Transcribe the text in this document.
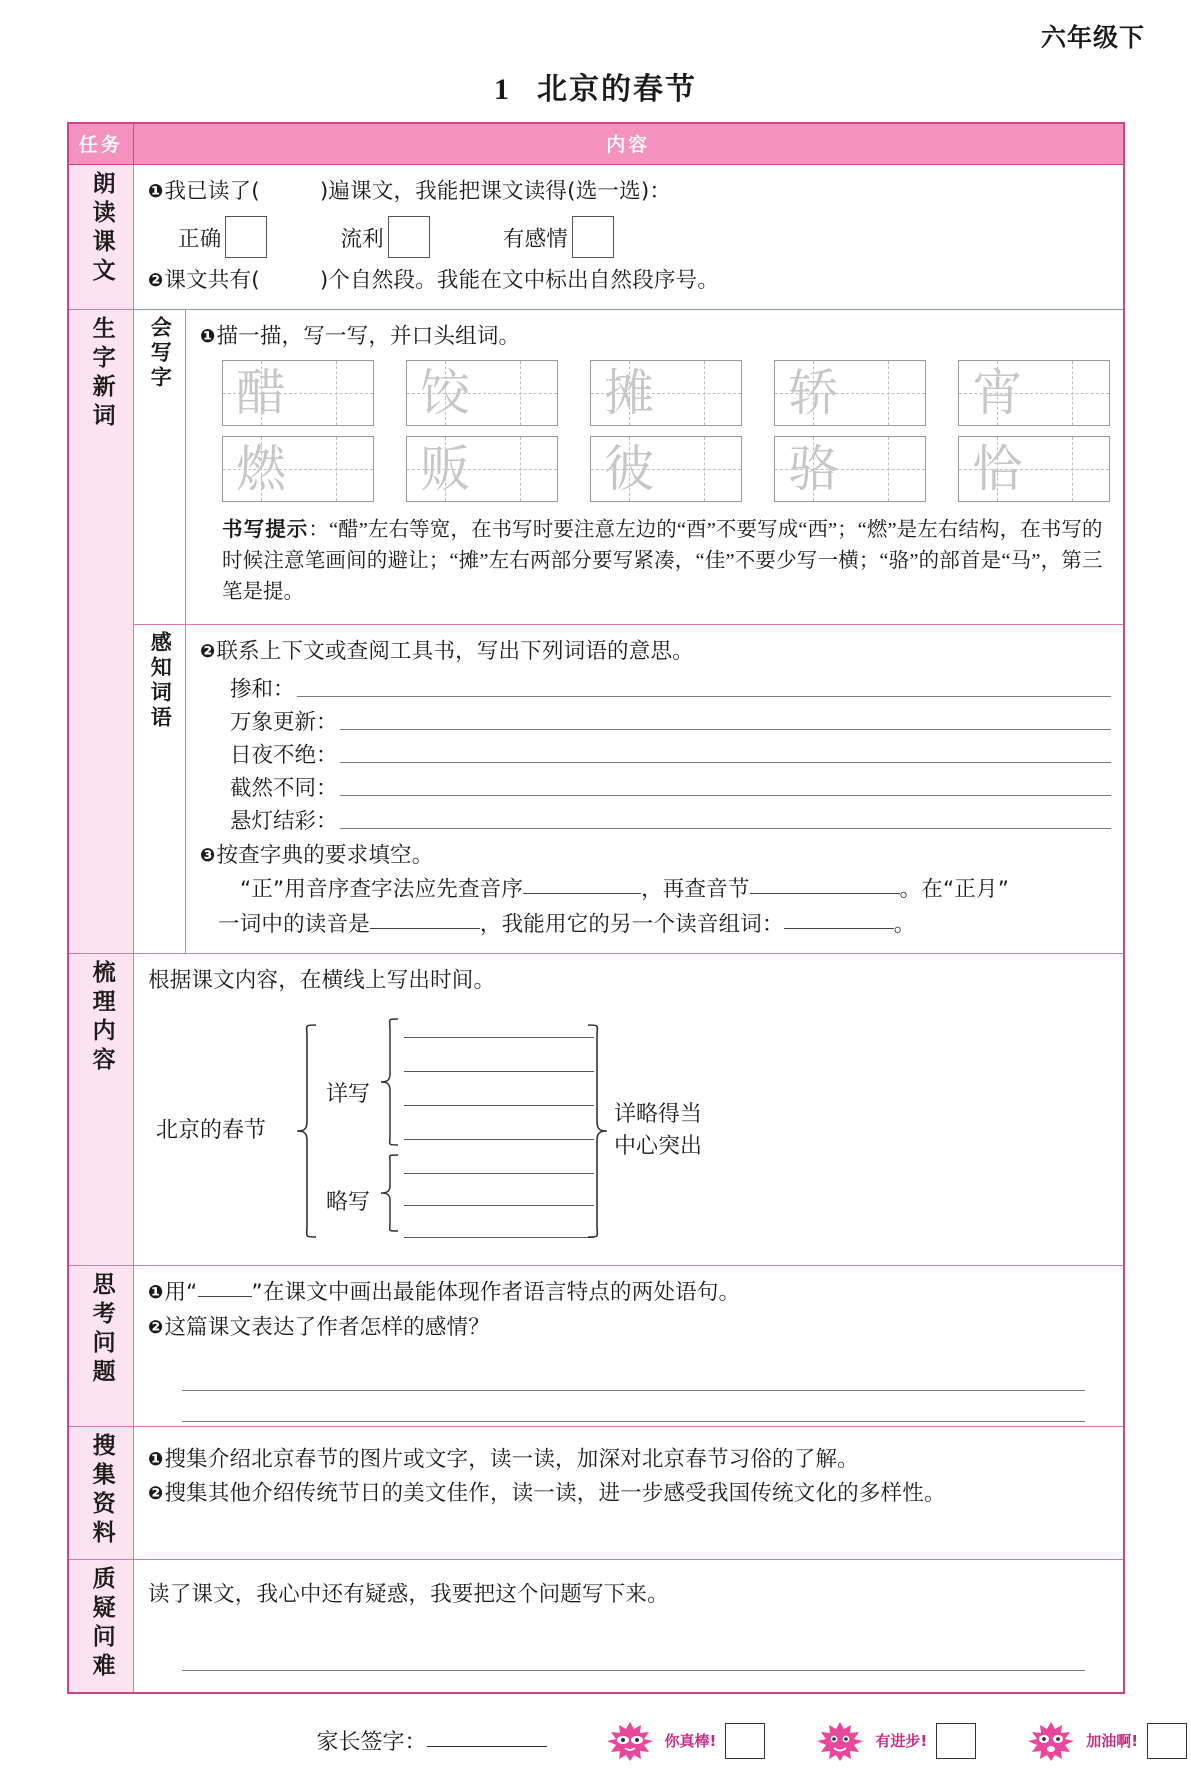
六年级下
1 北京的春节
任务	内容	
朗读课文	❶我已读了( )遍课文，我能把课文读得(选一选)：
正确 流利 有感情
❷课文共有( )个自然段。我能在文中标出自然段序号。	

生字新词	会写字	❶描一描，写一写，并口头组词。
醋	饺	摊	轿	宵
燃	贩	彼	骆	恰
书写提示：“醋”左右等宽，在书写时要注意左边的“酉”不要写成“西”；“燃”是左右结构，在书写的时候注意笔画间的避让；“摊”左右两部分要写紧凑，“佳”不要少写一横；“骆”的部首是“马”，第三笔是提。

感知词语	❷联系上下文或查阅工具书，写出下列词语的意思。
掺和：
万象更新：
日夜不绝：
截然不同：
悬灯结彩：
❸按查字典的要求填空。
“正”用音序查字法应先查音序	，再查音节	。在“正月”
一词中的读音是	，我能用它的另一个读音组词：	。

梳理内容	根据课文内容，在横线上写出时间。
北京的春节
详写
略写
详略得当
中心突出

思考问题	❶用“ ”在课文中画出最能体现作者语言特点的两处语句。
❷这篇课文表达了作者怎样的感情？	

搜集资料	❶搜集介绍北京春节的图片或文字，读一读，加深对北京春节习俗的了解。
❷搜集其他介绍传统节日的美文佳作，读一读，进一步感受我国传统文化的多样性。	

质疑问难	读了课文，我心中还有疑惑，我要把这个问题写下来。	
家长签字：	你真棒!	有进步!	加油啊!
